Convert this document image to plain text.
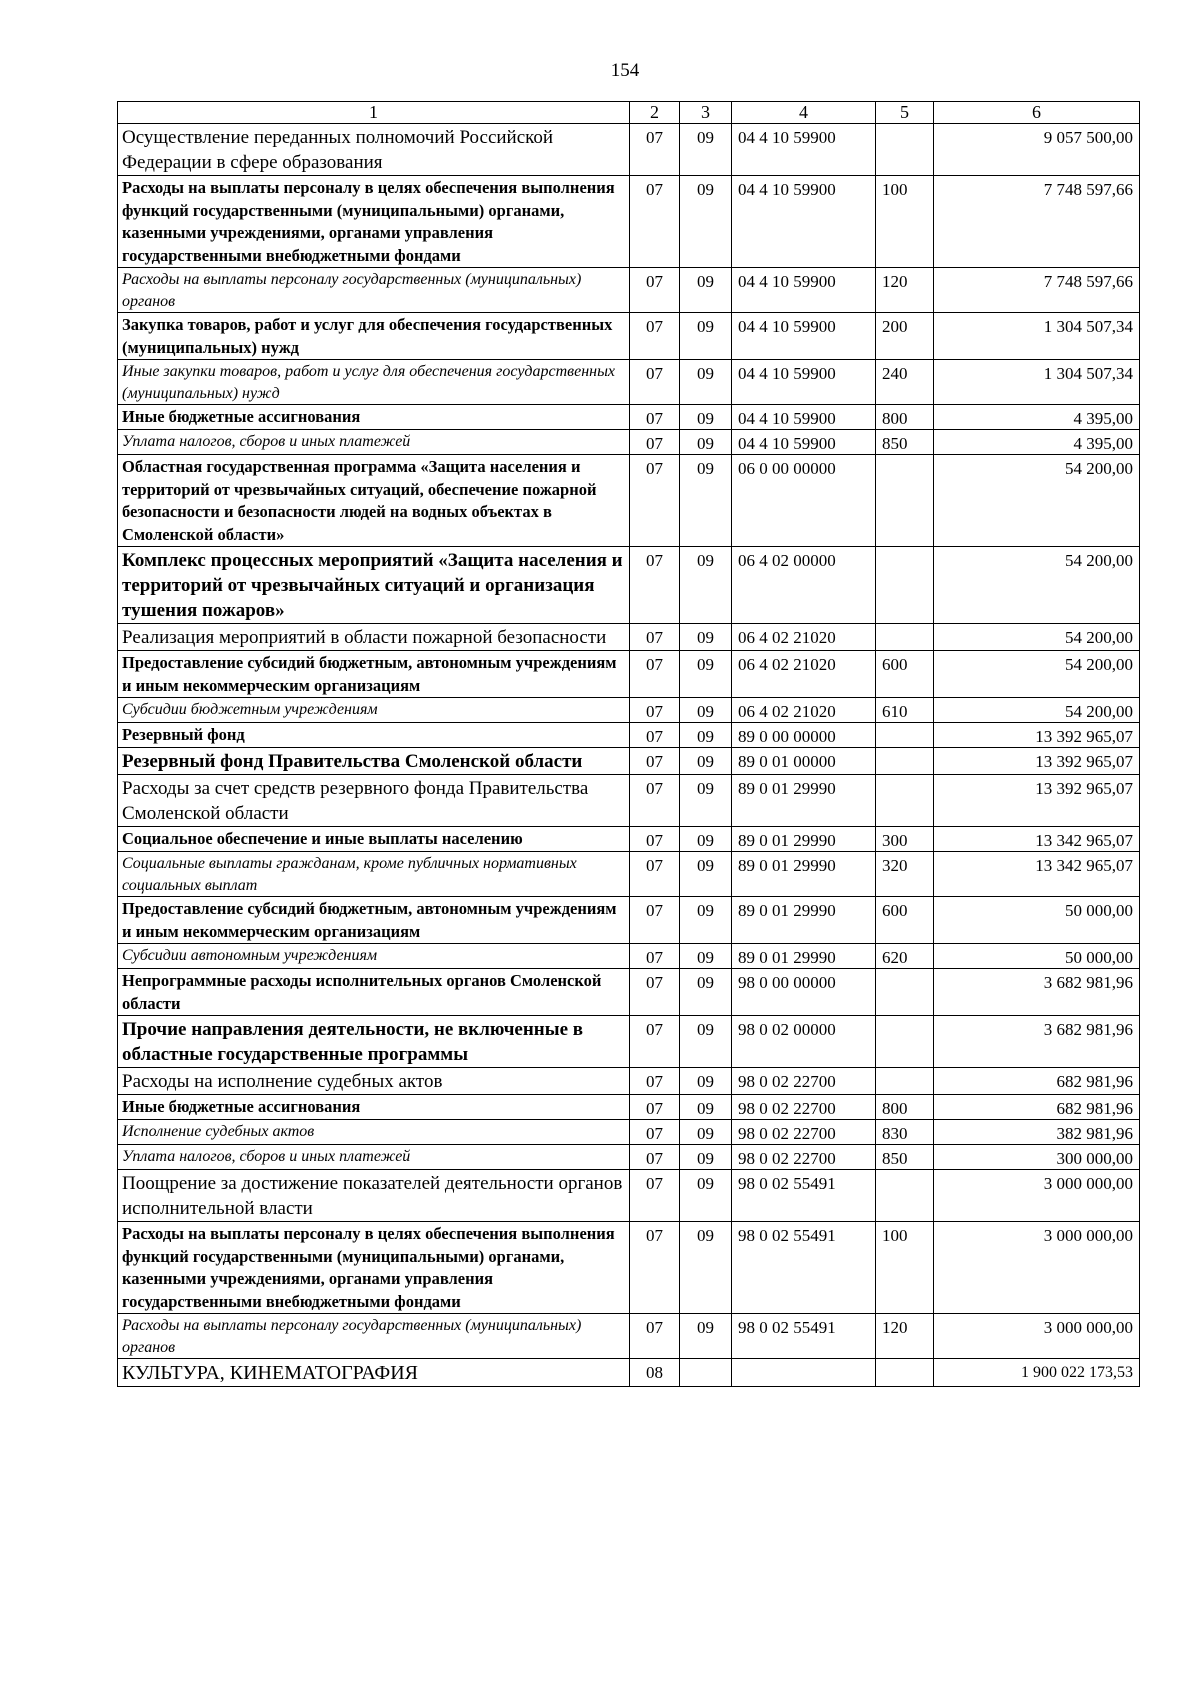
154
1	2	3	4	5	6
Осуществление переданных полномочий Российской Федерации в сфере образования	07	09	04 4 10 59900		9 057 500,00
Расходы на выплаты персоналу в целях обеспечения выполнения функций государственными (муниципальными) органами, казенными учреждениями, органами управления государственными внебюджетными фондами	07	09	04 4 10 59900	100	7 748 597,66
Расходы на выплаты персоналу государственных (муниципальных) органов	07	09	04 4 10 59900	120	7 748 597,66
Закупка товаров, работ и услуг для обеспечения государственных (муниципальных) нужд	07	09	04 4 10 59900	200	1 304 507,34
Иные закупки товаров, работ и услуг для обеспечения государственных (муниципальных) нужд	07	09	04 4 10 59900	240	1 304 507,34
Иные бюджетные ассигнования	07	09	04 4 10 59900	800	4 395,00
Уплата налогов, сборов и иных платежей	07	09	04 4 10 59900	850	4 395,00
Областная государственная программа «Защита населения и территорий от чрезвычайных ситуаций, обеспечение пожарной безопасности и безопасности людей на водных объектах в Смоленской области»	07	09	06 0 00 00000		54 200,00
Комплекс процессных мероприятий «Защита населения и территорий от чрезвычайных ситуаций и организация тушения пожаров»	07	09	06 4 02 00000		54 200,00
Реализация мероприятий в области пожарной безопасности	07	09	06 4 02 21020		54 200,00
Предоставление субсидий бюджетным, автономным учреждениям и иным некоммерческим организациям	07	09	06 4 02 21020	600	54 200,00
Субсидии бюджетным учреждениям	07	09	06 4 02 21020	610	54 200,00
Резервный фонд	07	09	89 0 00 00000		13 392 965,07
Резервный фонд Правительства Смоленской области	07	09	89 0 01 00000		13 392 965,07
Расходы за счет средств резервного фонда Правительства Смоленской области	07	09	89 0 01 29990		13 392 965,07
Социальное обеспечение и иные выплаты населению	07	09	89 0 01 29990	300	13 342 965,07
Социальные выплаты гражданам, кроме публичных нормативных социальных выплат	07	09	89 0 01 29990	320	13 342 965,07
Предоставление субсидий бюджетным, автономным учреждениям и иным некоммерческим организациям	07	09	89 0 01 29990	600	50 000,00
Субсидии автономным учреждениям	07	09	89 0 01 29990	620	50 000,00
Непрограммные расходы исполнительных органов Смоленской области	07	09	98 0 00 00000		3 682 981,96
Прочие направления деятельности, не включенные в областные государственные программы	07	09	98 0 02 00000		3 682 981,96
Расходы на исполнение судебных актов	07	09	98 0 02 22700		682 981,96
Иные бюджетные ассигнования	07	09	98 0 02 22700	800	682 981,96
Исполнение судебных актов	07	09	98 0 02 22700	830	382 981,96
Уплата налогов, сборов и иных платежей	07	09	98 0 02 22700	850	300 000,00
Поощрение за достижение показателей деятельности органов исполнительной власти	07	09	98 0 02 55491		3 000 000,00
Расходы на выплаты персоналу в целях обеспечения выполнения функций государственными (муниципальными) органами, казенными учреждениями, органами управления государственными внебюджетными фондами	07	09	98 0 02 55491	100	3 000 000,00
Расходы на выплаты персоналу государственных (муниципальных) органов	07	09	98 0 02 55491	120	3 000 000,00
КУЛЬТУРА, КИНЕМАТОГРАФИЯ	08				1 900 022 173,53
